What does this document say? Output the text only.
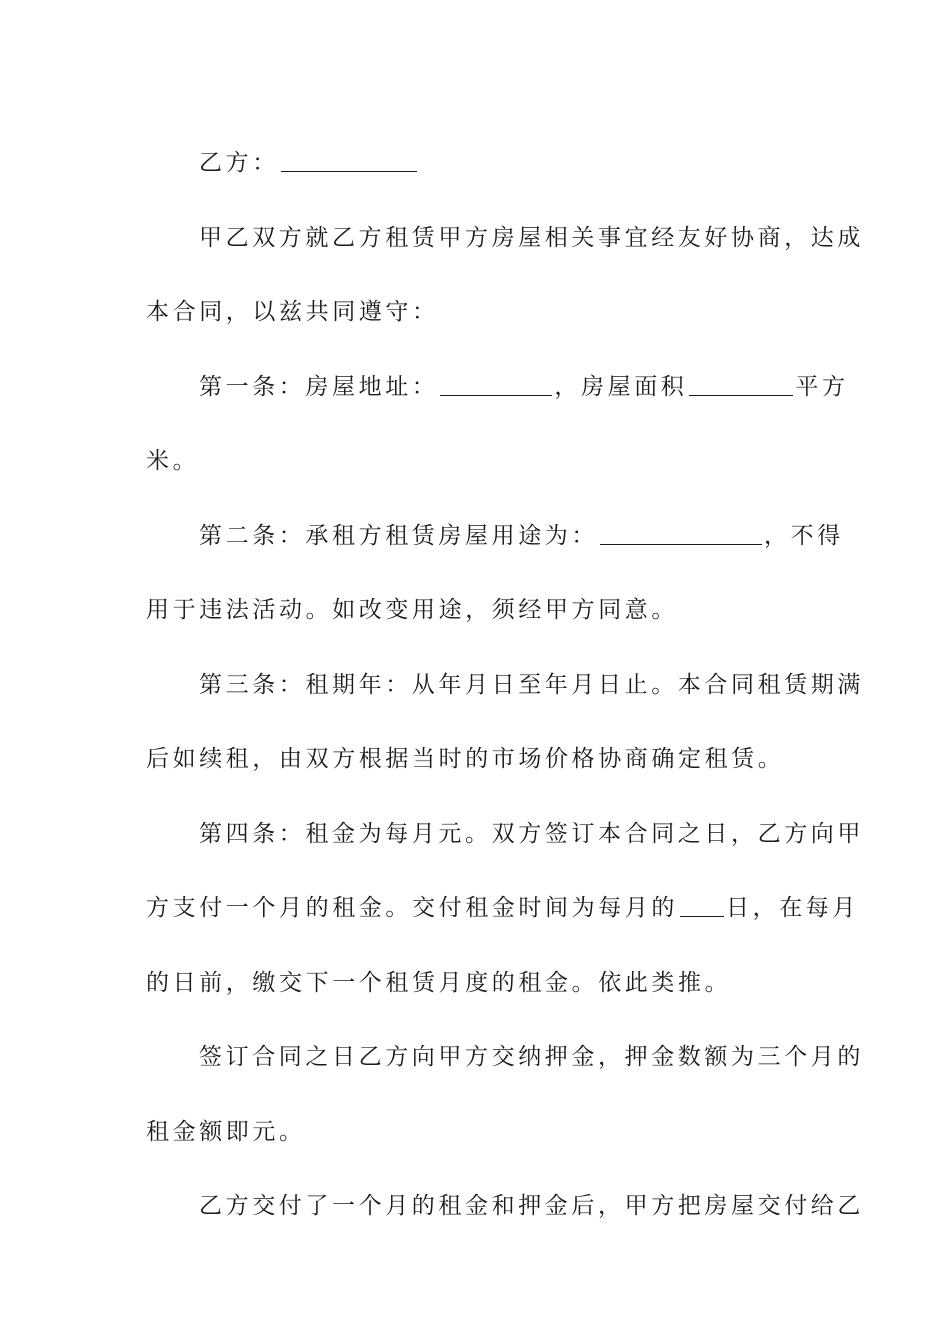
乙方：

甲乙双方就乙方租赁甲方房屋相关事宜经友好协商，达成
本合同，以兹共同遵守：

第一条：房屋地址：	，房屋面积	平方
米。

第二条：承租方租赁房屋用途为：	，不得
用于违法活动。如改变用途，须经甲方同意。

第三条：租期年：从年月日至年月日止。本合同租赁期满
后如续租，由双方根据当时的市场价格协商确定租赁。

第四条：租金为每月元。双方签订本合同之日，乙方向甲
方支付一个月的租金。交付租金时间为每月的 日，在每月
的日前，缴交下一个租赁月度的租金。依此类推。

签订合同之日乙方向甲方交纳押金，押金数额为三个月的
租金额即元。

乙方交付了一个月的租金和押金后，甲方把房屋交付给乙
